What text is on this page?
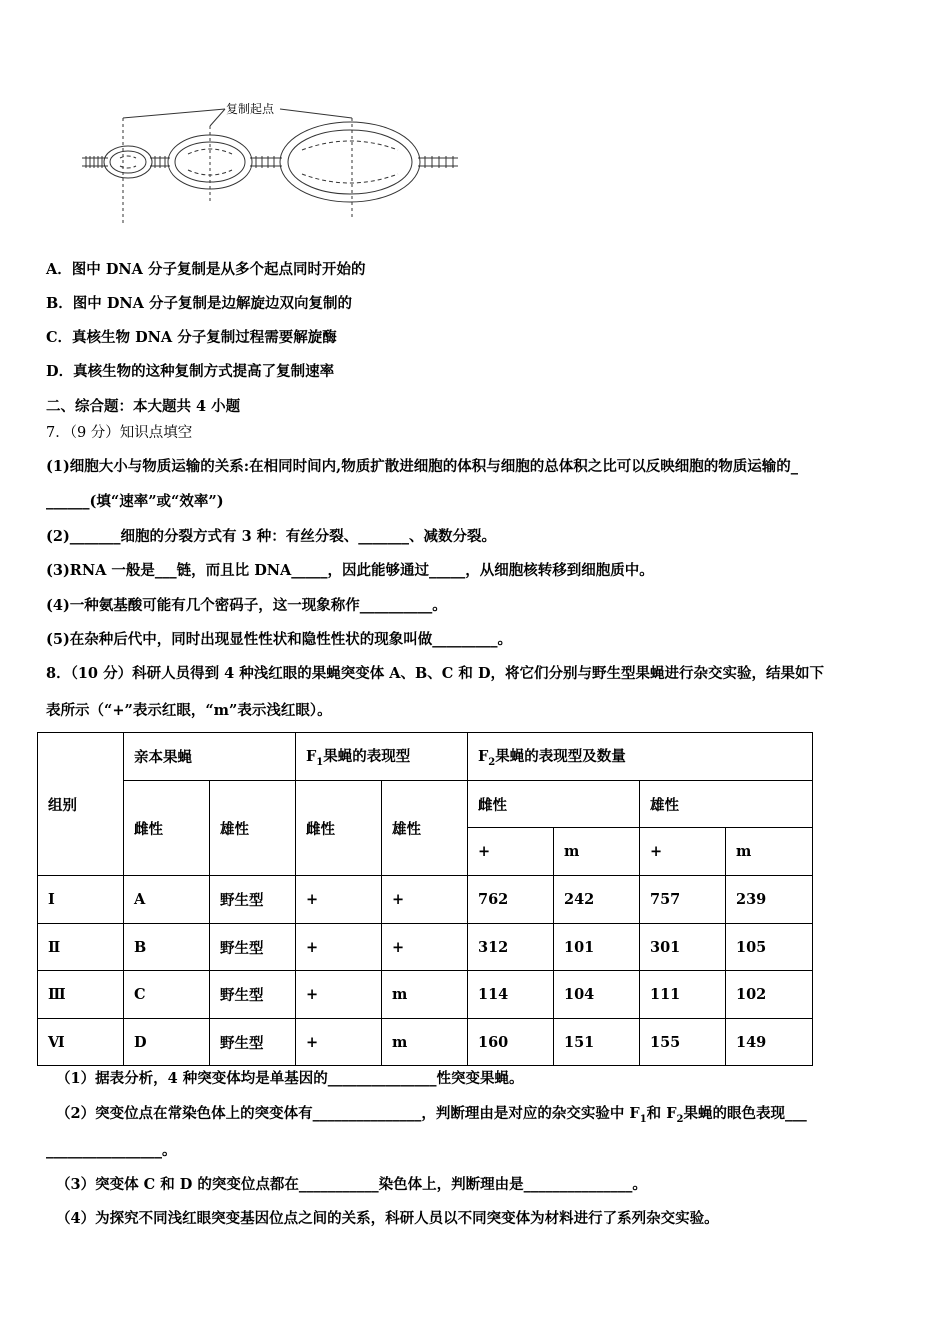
复制起点
A．图中 DNA 分子复制是从多个起点同时开始的
B．图中 DNA 分子复制是边解旋边双向复制的
C．真核生物 DNA 分子复制过程需要解旋酶
D．真核生物的这种复制方式提高了复制速率
二、综合题：本大题共 4 小题
7．（9 分）知识点填空
(1)细胞大小与物质运输的关系:在相同时间内,物质扩散进细胞的体积与细胞的总体积之比可以反映细胞的物质运输的_
______(填“速率”或“效率”)
(2)_______细胞的分裂方式有 3 种：有丝分裂、_______、减数分裂。
(3)RNA 一般是___链，而且比 DNA_____，因此能够通过_____，从细胞核转移到细胞质中。
(4)一种氨基酸可能有几个密码子，这一现象称作__________。
(5)在杂种后代中，同时出现显性性状和隐性性状的现象叫做_________。
8．（10 分）科研人员得到 4 种浅红眼的果蝇突变体 A、B、C 和 D，将它们分别与野生型果蝇进行杂交实验，结果如下
表所示（“+”表示红眼，“m”表示浅红眼）。
组别	亲本果蝇		$F_1$果蝇的表现型		$F_2$果蝇的表现型及数量			
	雌性	雄性	雌性	雄性	雌性		雄性	
					+	m	+	m
Ⅰ	A	野生型	+	+	762	242	757	239
Ⅱ	B	野生型	+	+	312	101	301	105
Ⅲ	C	野生型	+	m	114	104	111	102
Ⅵ	D	野生型	+	m	160	151	155	149
（1）据表分析，4 种突变体均是单基因的_______________性突变果蝇。
（2）突变位点在常染色体上的突变体有_______________，判断理由是对应的杂交实验中 $F_1$和 $F_2$果蝇的眼色表现___
________________。
（3）突变体 C 和 D 的突变位点都在___________染色体上，判断理由是_______________。
（4）为探究不同浅红眼突变基因位点之间的关系，科研人员以不同突变体为材料进行了系列杂交实验。
